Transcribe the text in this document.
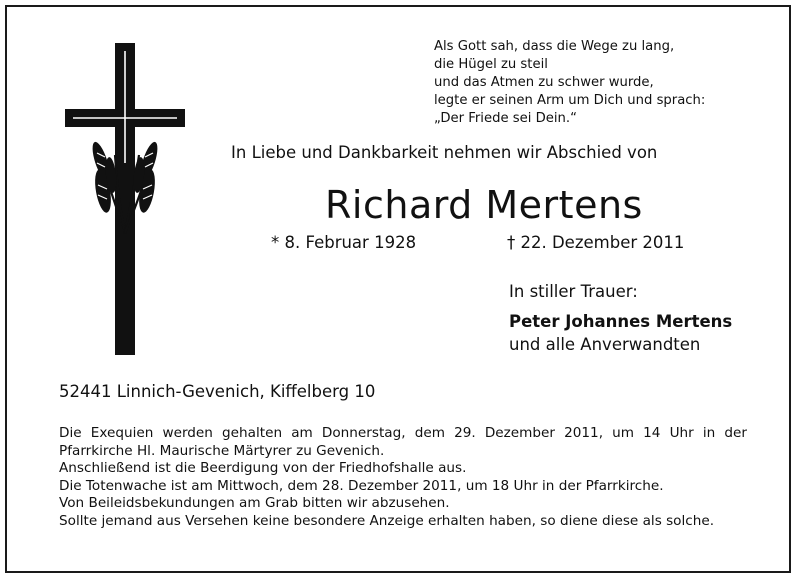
Als Gott sah, dass die Wege zu lang,
die Hügel zu steil
und das Atmen zu schwer wurde,
legte er seinen Arm um Dich und sprach:
„Der Friede sei Dein.“
In Liebe und Dankbarkeit nehmen wir Abschied von
Richard Mertens
* 8. Februar 1928	† 22. Dezember 2011
In stiller Trauer:
Peter Johannes Mertens
und alle Anverwandten
52441 Linnich-Gevenich, Kiffelberg 10

Die Exequien werden gehalten am Donnerstag, dem 29. Dezember 2011, um 14 Uhr in der Pfarrkirche Hl. Maurische Märtyrer zu Gevenich.

Anschließend ist die Beerdigung von der Friedhofshalle aus.

Die Totenwache ist am Mittwoch, dem 28. Dezember 2011, um 18 Uhr in der Pfarrkirche.

Von Beileidsbekundungen am Grab bitten wir abzusehen.

Sollte jemand aus Versehen keine besondere Anzeige erhalten haben, so diene diese als solche.
